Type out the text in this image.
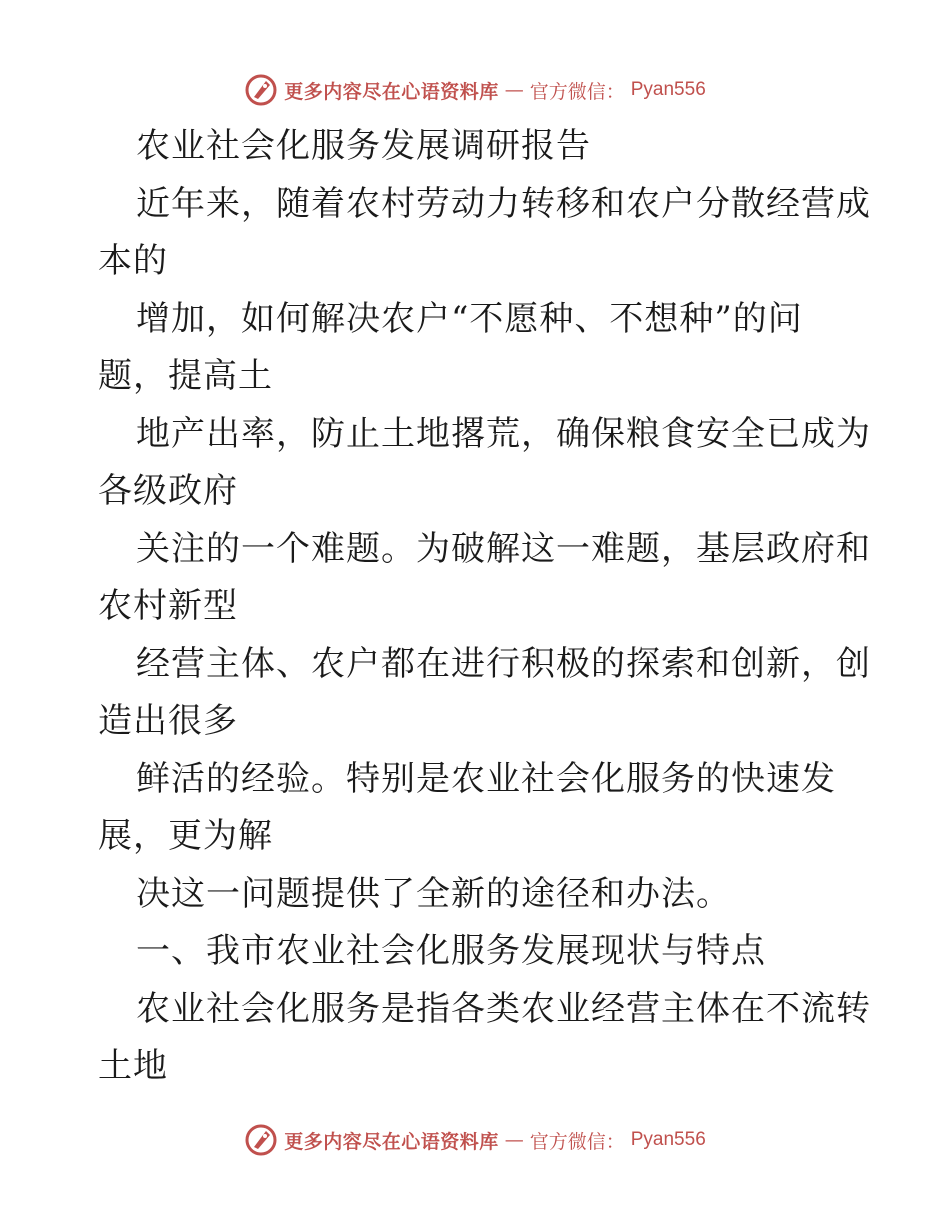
更多内容尽在心语资料库 — 官方微信： Pyan556
农业社会化服务发展调研报告
近年来，随着农村劳动力转移和农户分散经营成
本的
增加，如何解决农户“不愿种、不想种”的问
题，提高土
地产出率，防止土地撂荒，确保粮食安全已成为
各级政府
关注的一个难题。为破解这一难题，基层政府和
农村新型
经营主体、农户都在进行积极的探索和创新，创
造出很多
鲜活的经验。特别是农业社会化服务的快速发
展，更为解
决这一问题提供了全新的途径和办法。
一、我市农业社会化服务发展现状与特点
农业社会化服务是指各类农业经营主体在不流转
土地
更多内容尽在心语资料库 — 官方微信： Pyan556
